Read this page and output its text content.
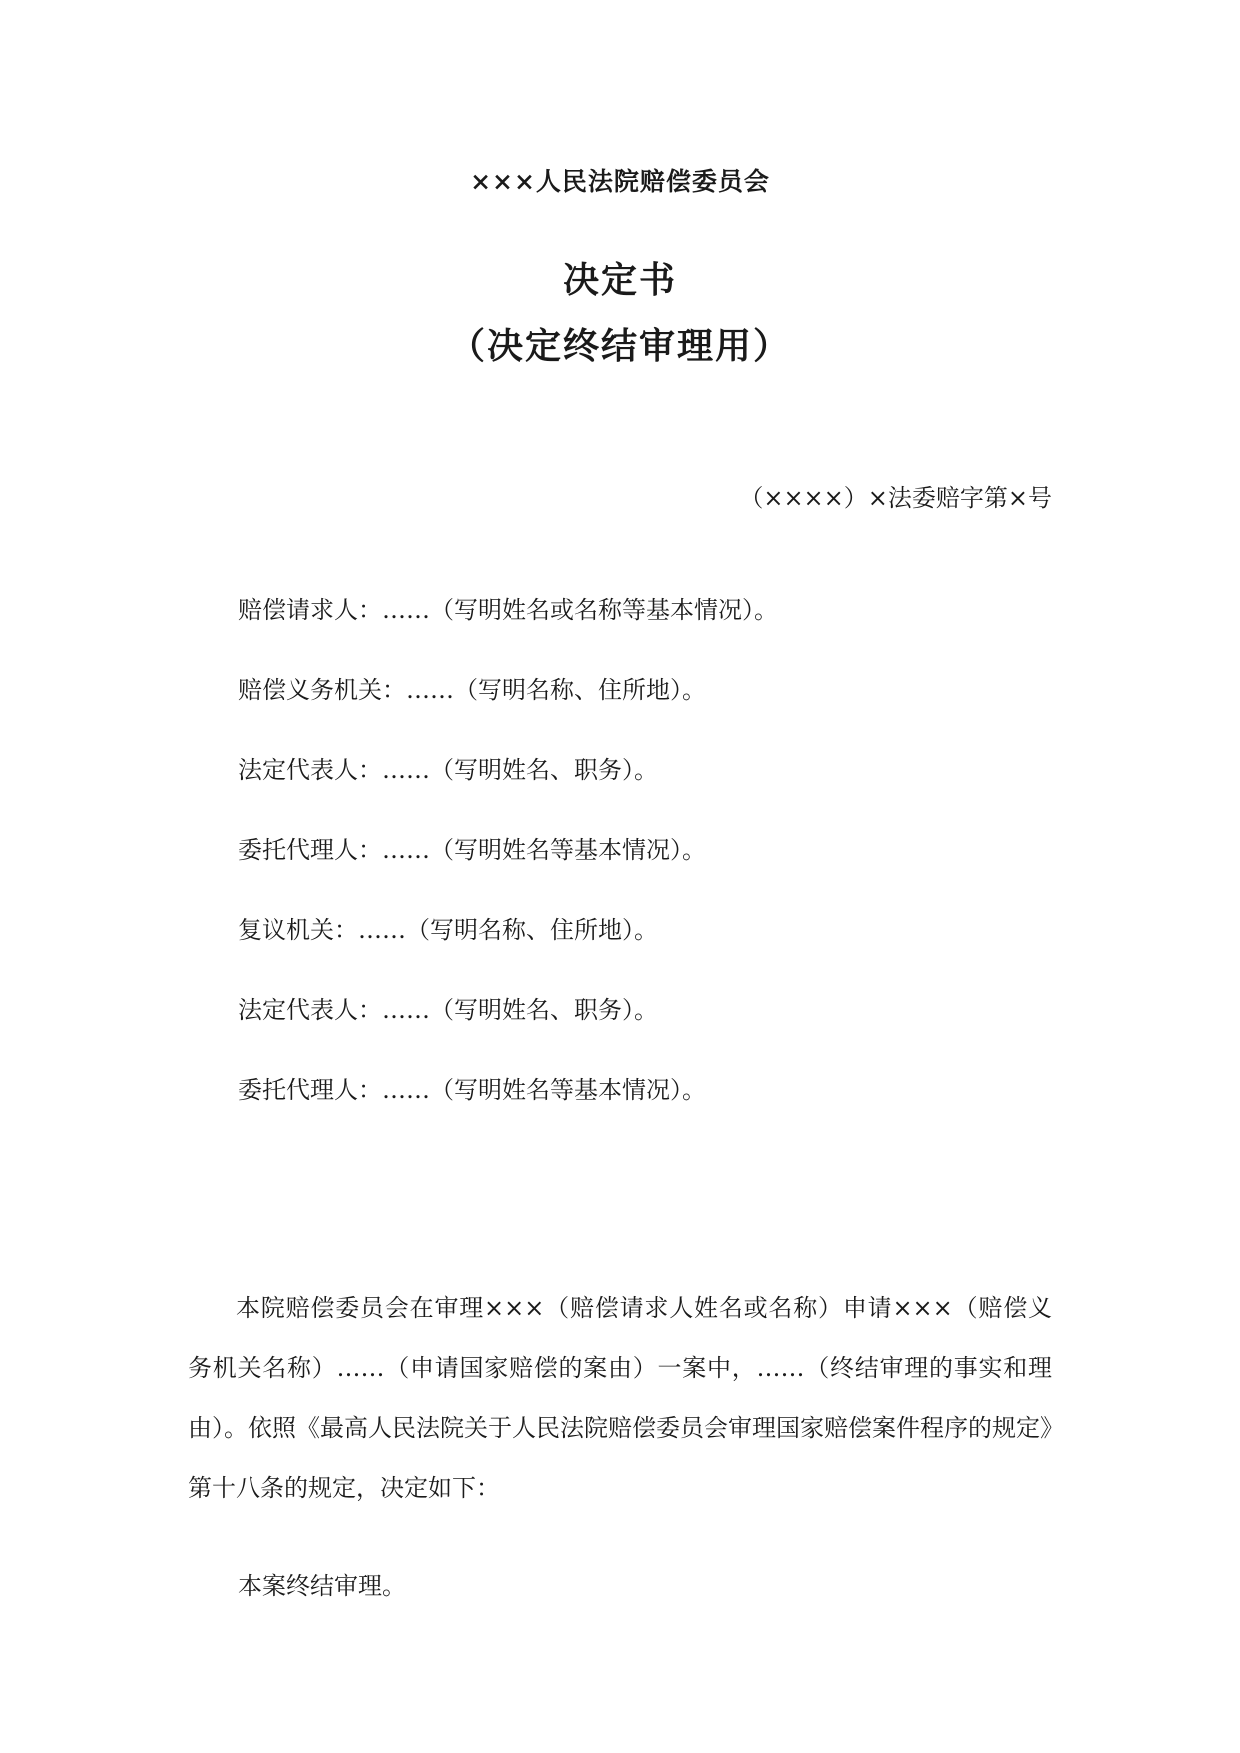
×××人民法院赔偿委员会
决定书
（决定终结审理用）
（××××）×法委赔字第×号
赔偿请求人：……（写明姓名或名称等基本情况）。
赔偿义务机关：……（写明名称、住所地）。
法定代表人：……（写明姓名、职务）。
委托代理人：……（写明姓名等基本情况）。
复议机关：……（写明名称、住所地）。
法定代表人：……（写明姓名、职务）。
委托代理人：……（写明姓名等基本情况）。

本院赔偿委员会在审理×××（赔偿请求人姓名或名称）申请×××（赔偿义务机关名称）……（申请国家赔偿的案由）一案中，……（终结审理的事实和理由）。依照《最高人民法院关于人民法院赔偿委员会审理国家赔偿案件程序的规定》第十八条的规定，决定如下：

本案终结审理。
